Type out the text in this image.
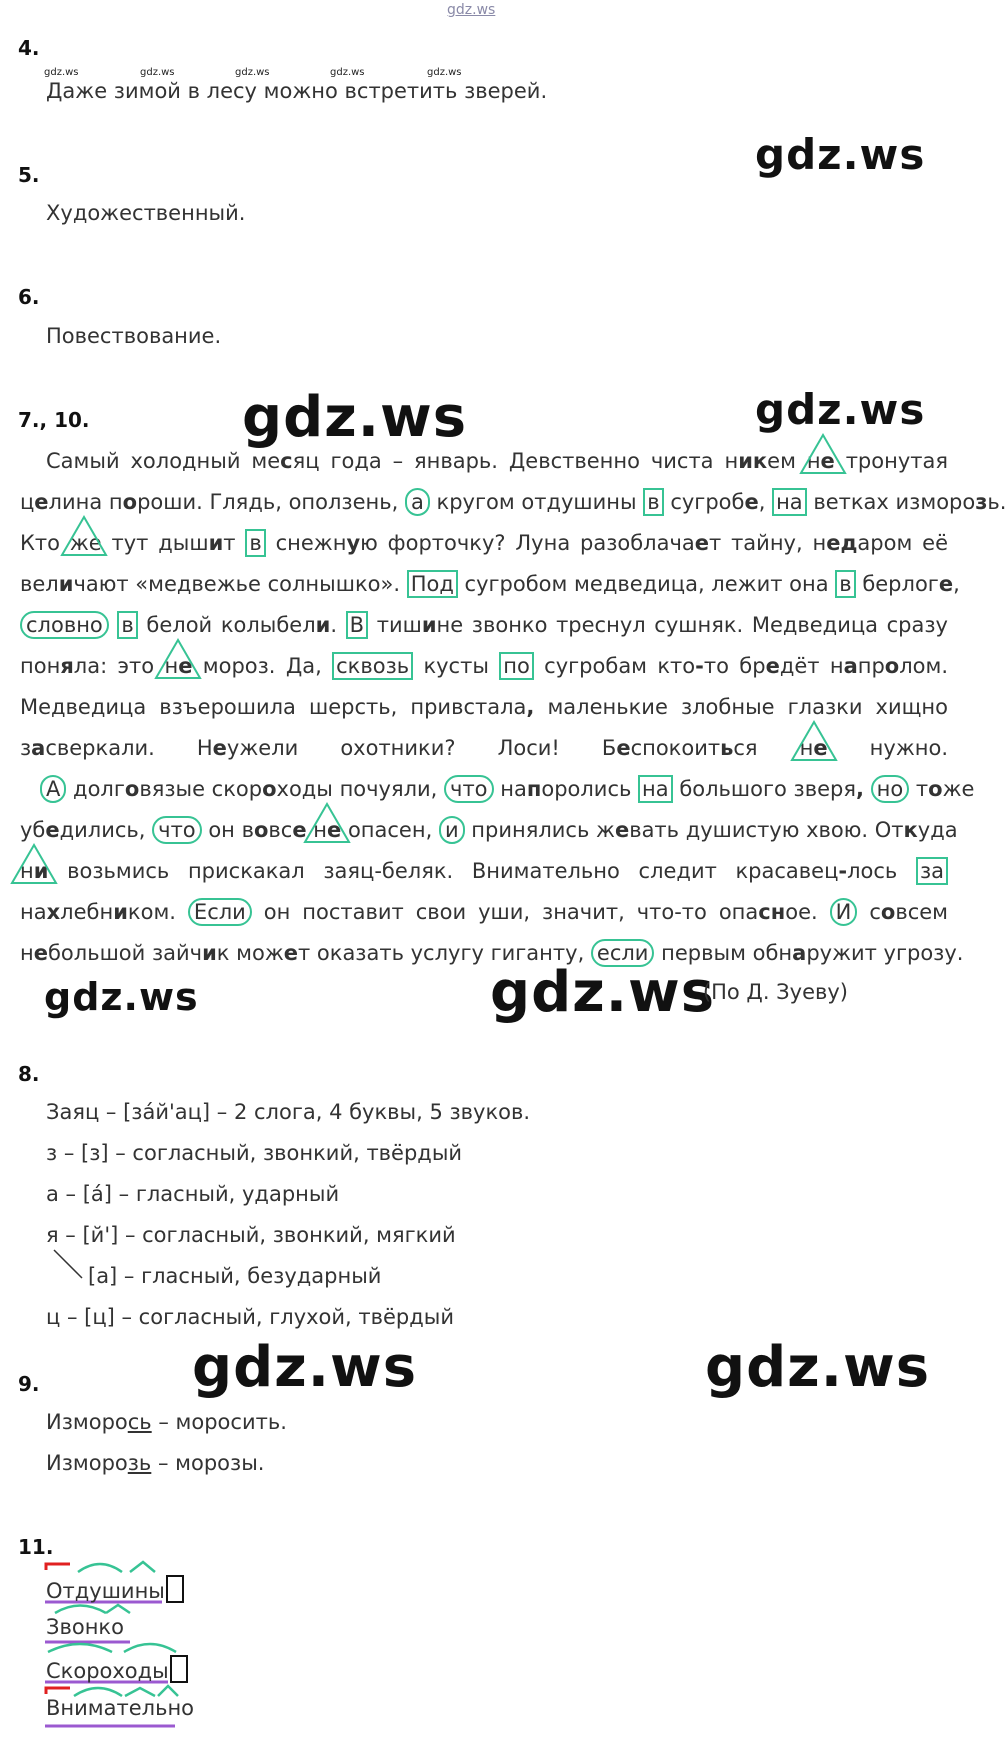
gdz.ws
4.
gdz.ws	gdz.ws	gdz.ws	gdz.ws	gdz.ws
Даже зимой в лесу можно встретить зверей.
gdz.ws
5.
Художественный.
6.
Повествование.
7., 10.	gdz.ws	gdz.ws
Самый холодный месяц года – январь. Девственно чиста никем не
тронутая
целина пороши. Глядь, оползень, а кругом отдушины в сугробе, на ветках изморозь.
Кто же
тут дышит в снежную форточку? Луна разоблачает тайну, недаром её
величают «медвежье солнышко». Под сугробом медведица, лежит она в берлоге,
словно в белой колыбели. В тишине звонко треснул сушняк. Медведица сразу
поняла: это не
мороз. Да, сквозь кусты по сугробам кто-то бредёт напролом.
Медведица взъерошила шерсть, привстала, маленькие злобные глазки хищно
засверкали. Неужели охотники? Лоси! Беспокоиться не
нужно.
А долговязые скороходы почуяли, что напоролись на большого зверя, но тоже
убедились, что он вовсе не
опасен, и принялись жевать душистую хвою. Откуда
ни
возьмись прискакал заяц-беляк. Внимательно следит красавец-лось за
нахлебником. Если он поставит свои уши, значит, что-то опасное. И совсем
небольшой зайчик может оказать услугу гиганту, если первым обнаружит угрозу.
gdz.ws	gdz.ws
(По Д. Зуеву)
8.
Заяц – [за́й'ац] – 2 слога, 4 буквы, 5 звуков.
з – [з] – согласный, звонкий, твёрдый
а – [а́] – гласный, ударный
я – [й'] – согласный, звонкий, мягкий
[а] – гласный, безударный
ц – [ц] – согласный, глухой, твёрдый
gdz.ws	gdz.ws
9.
Изморось – моросить.
Изморозь – морозы.
11.
Отдушины
Звонко
Скороходы
Внимательно
